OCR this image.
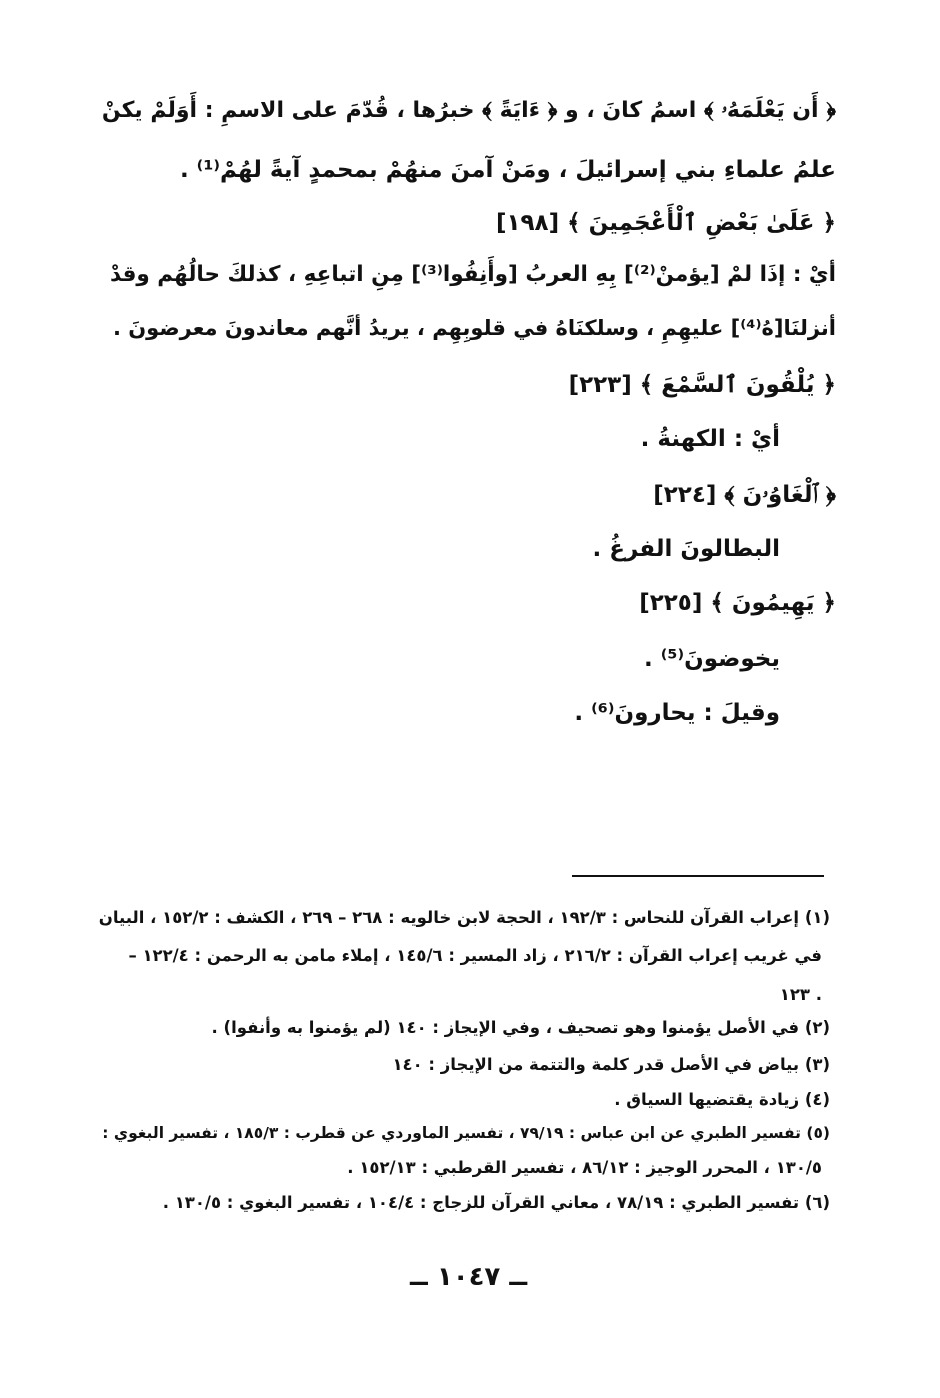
﴿ أَن يَعْلَمَهُۥ ﴾ اسمُ كانَ ، و ﴿ ءَايَةً ﴾ خبرُها ، قُدّمَ على الاسمِ : أَوَلَمْ يكنْ
علمُ علماءِ بني إسرائيلَ ، ومَنْ آمنَ منهُمْ بمحمدٍ آيةً لهُمْ⁽¹⁾ .
﴿ عَلَىٰ بَعْضِ ٱلْأَعْجَمِينَ ﴾ [١٩٨]
أيْ : إذَا لمْ [يؤمنْ⁽²⁾] بِهِ العربُ [وأَنِفُوا⁽³⁾] مِنِ اتباعِهِ ، كذلكَ حالُهُم وقدْ
أنزلنَا[هُ⁽⁴⁾] عليهِمِ ، وسلكنَاهُ في قلوبِهِم ، يريدُ أنَّهم معاندونَ معرضونَ .
﴿ يُلْقُونَ ٱلسَّمْعَ ﴾ [٢٢٣]
أيْ : الكهنةُ .
﴿ ٱلْغَاوُۥنَ ﴾ [٢٢٤]
البطالونَ الفرغُ .
﴿ يَهِيمُونَ ﴾ [٢٢٥]
يخوضونَ⁽⁵⁾ .
وقيلَ : يحارونَ⁽⁶⁾ .
(١) إعراب القرآن للنحاس : ١٩٢/٣ ، الحجة لابن خالويه : ٢٦٨ – ٢٦٩ ، الكشف : ١٥٢/٢ ، البيان
في غريب إعراب القرآن : ٢١٦/٢ ، زاد المسير : ١٤٥/٦ ، إملاء مامن به الرحمن : ١٢٢/٤ –
١٢٣ .
(٢) في الأصل يؤمنوا وهو تصحيف ، وفي الإيجاز : ١٤٠ (لم يؤمنوا به وأنفوا) .
(٣) بياض في الأصل قدر كلمة والتتمة من الإيجاز : ١٤٠
(٤) زيادة يقتضيها السياق .
(٥) تفسير الطبري عن ابن عباس : ٧٩/١٩ ، تفسير الماوردي عن قطرب : ١٨٥/٣ ، تفسير البغوي :
١٣٠/٥ ، المحرر الوجيز : ٨٦/١٢ ، تفسير القرطبي : ١٥٢/١٣ .
(٦) تفسير الطبري : ٧٨/١٩ ، معاني القرآن للزجاج : ١٠٤/٤ ، تفسير البغوي : ١٣٠/٥ .
ــ ١٠٤٧ ــ
